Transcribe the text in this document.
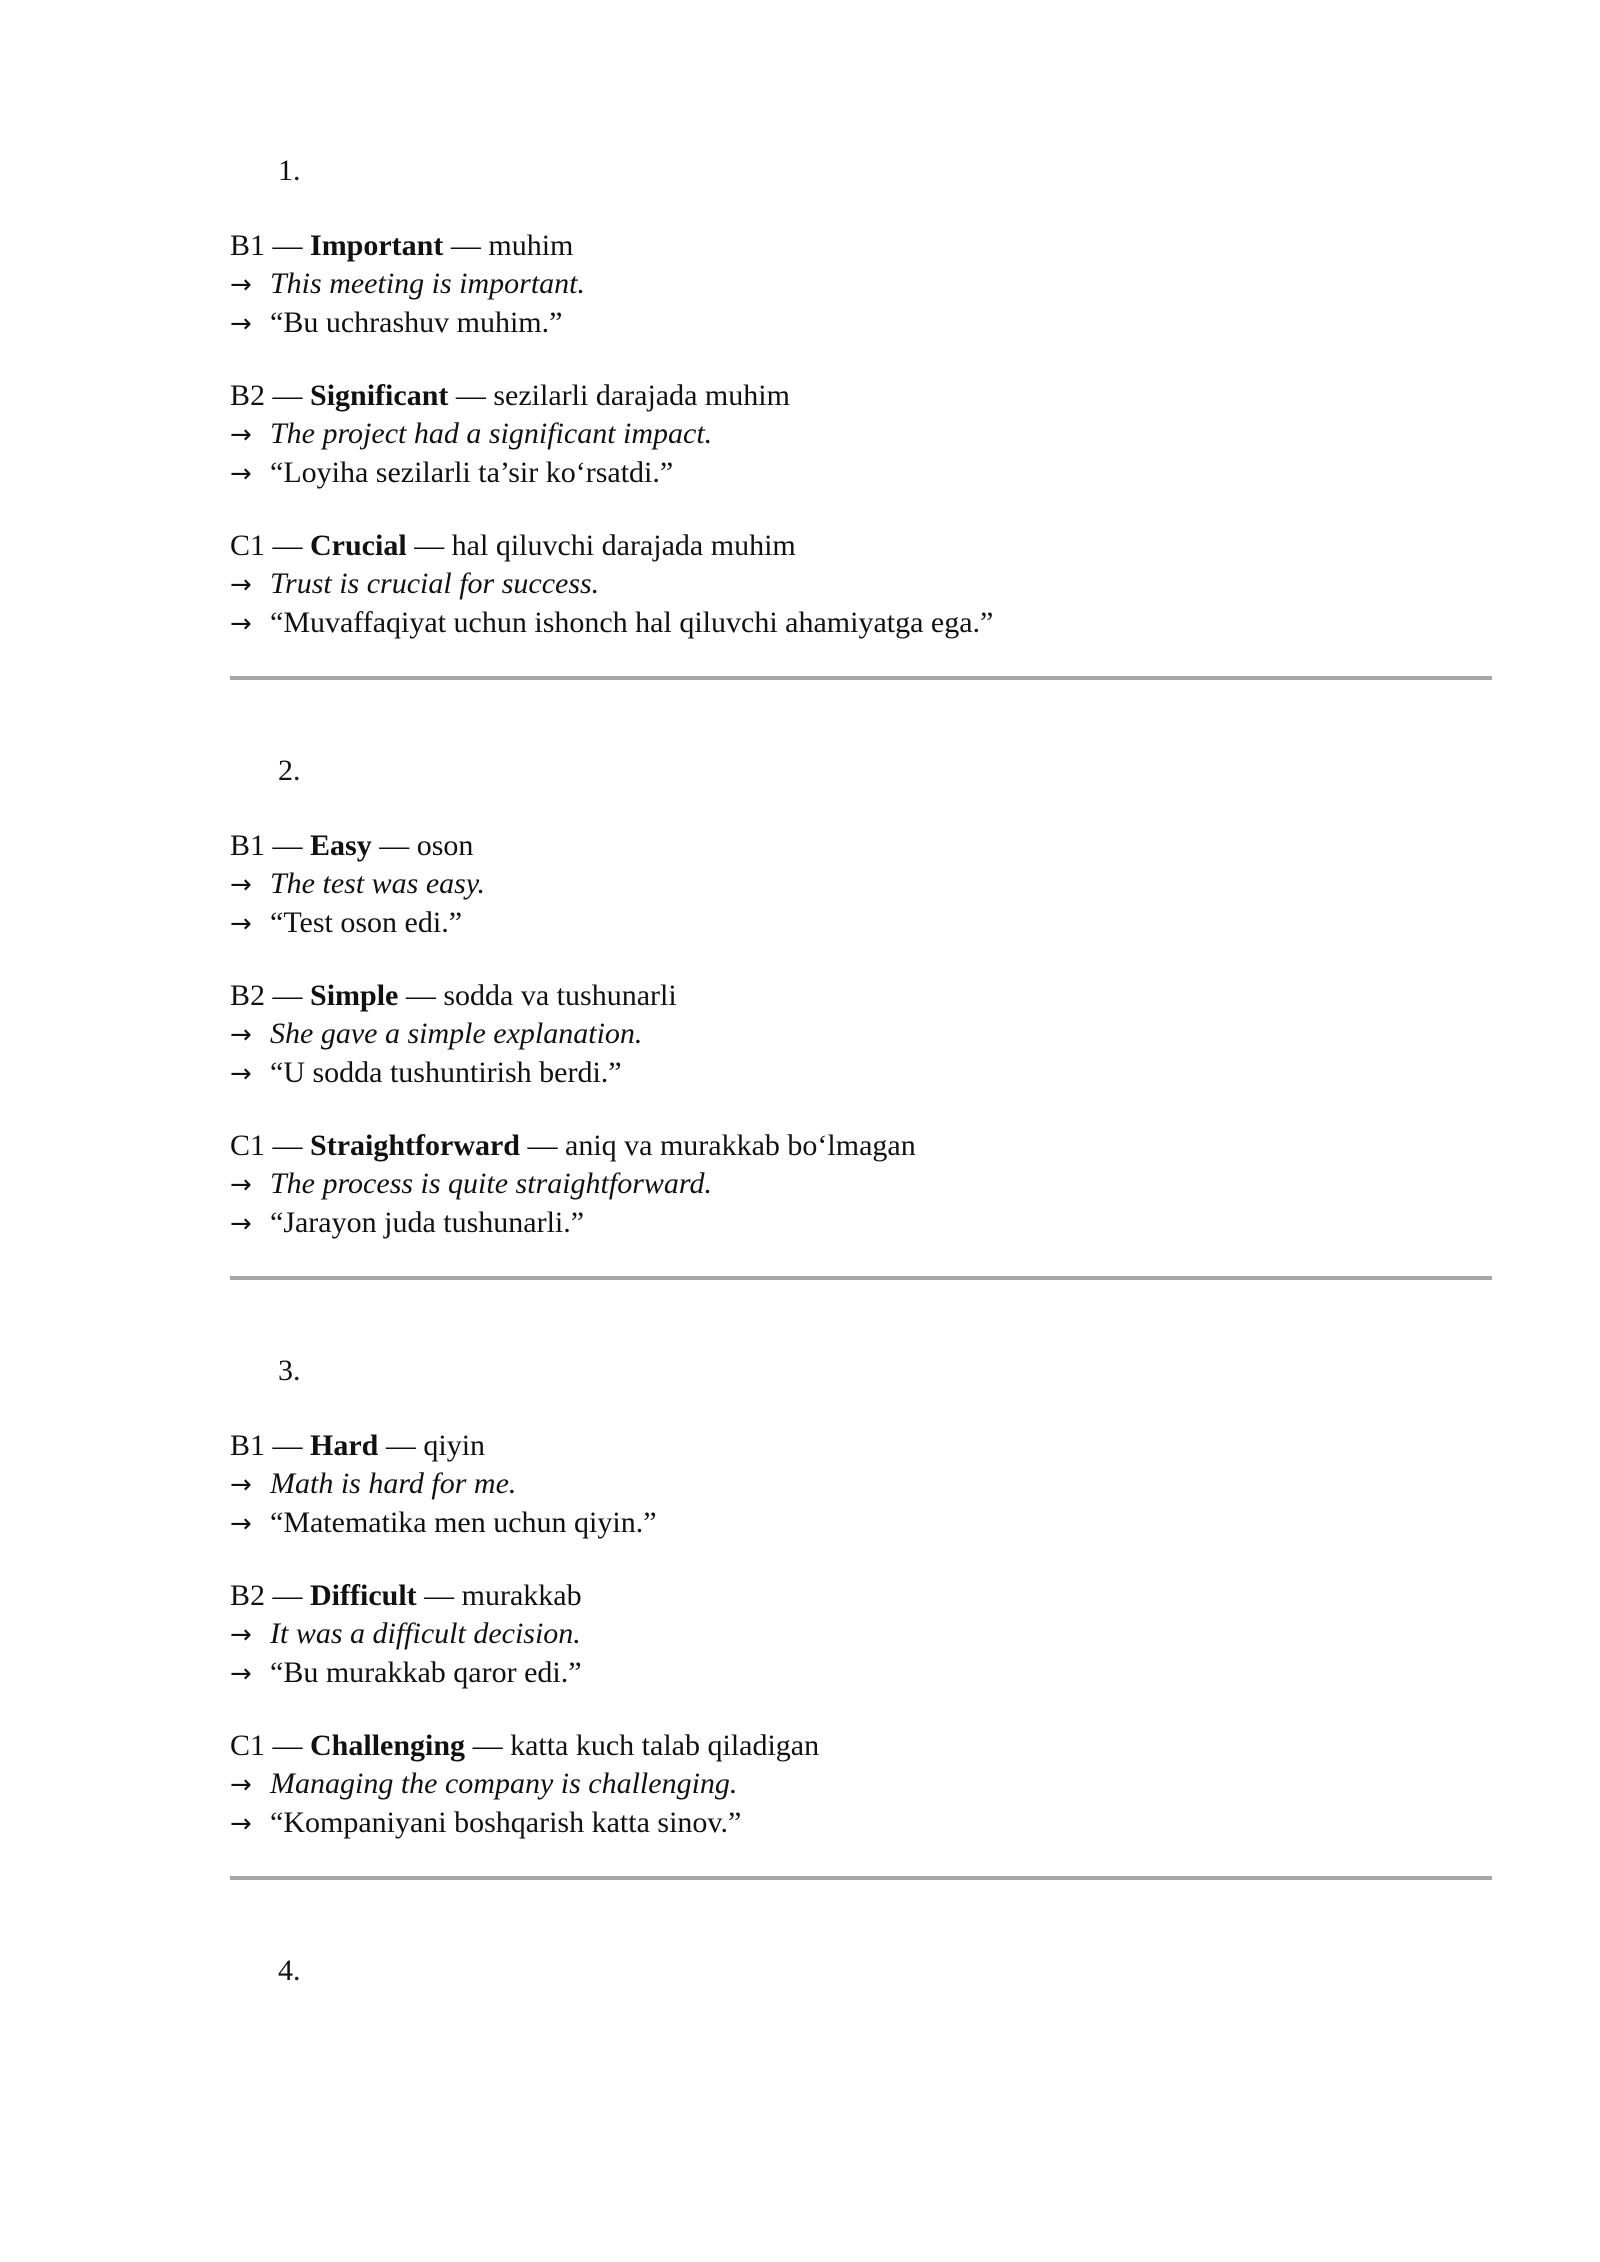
1.
B1 — Important — muhim
→ This meeting is important.
→ “Bu uchrashuv muhim.”
B2 — Significant — sezilarli darajada muhim
→ The project had a significant impact.
→ “Loyiha sezilarli ta’sir ko‘rsatdi.”
C1 — Crucial — hal qiluvchi darajada muhim
→ Trust is crucial for success.
→ “Muvaffaqiyat uchun ishonch hal qiluvchi ahamiyatga ega.”
2.
B1 — Easy — oson
→ The test was easy.
→ “Test oson edi.”
B2 — Simple — sodda va tushunarli
→ She gave a simple explanation.
→ “U sodda tushuntirish berdi.”
C1 — Straightforward — aniq va murakkab bo‘lmagan
→ The process is quite straightforward.
→ “Jarayon juda tushunarli.”
3.
B1 — Hard — qiyin
→ Math is hard for me.
→ “Matematika men uchun qiyin.”
B2 — Difficult — murakkab
→ It was a difficult decision.
→ “Bu murakkab qaror edi.”
C1 — Challenging — katta kuch talab qiladigan
→ Managing the company is challenging.
→ “Kompaniyani boshqarish katta sinov.”
4.
